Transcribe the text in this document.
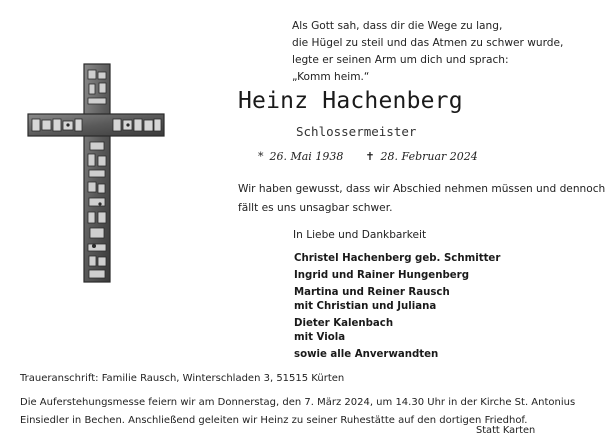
Als Gott sah, dass dir die Wege zu lang,
die Hügel zu steil und das Atmen zu schwer wurde,
legte er seinen Arm um dich und sprach:
„Komm heim.“
Heinz Hachenberg
Schlossermeister
* 26. Mai 1938 ✝ 28. Februar 2024
Wir haben gewusst, dass wir Abschied nehmen müssen und dennoch
fällt es uns unsagbar schwer.
In Liebe und Dankbarkeit
Christel Hachenberg geb. Schmitter
Ingrid und Rainer Hungenberg
Martina und Reiner Rausch
mit Christian und Juliana
Dieter Kalenbach
mit Viola
sowie alle Anverwandten
Traueranschrift: Familie Rausch, Winterschladen 3, 51515 Kürten
Die Auferstehungsmesse feiern wir am Donnerstag, den 7. März 2024, um 14.30 Uhr in der Kirche St. Antonius
Einsiedler in Bechen. Anschließend geleiten wir Heinz zu seiner Ruhestätte auf den dortigen Friedhof.
Statt Karten
